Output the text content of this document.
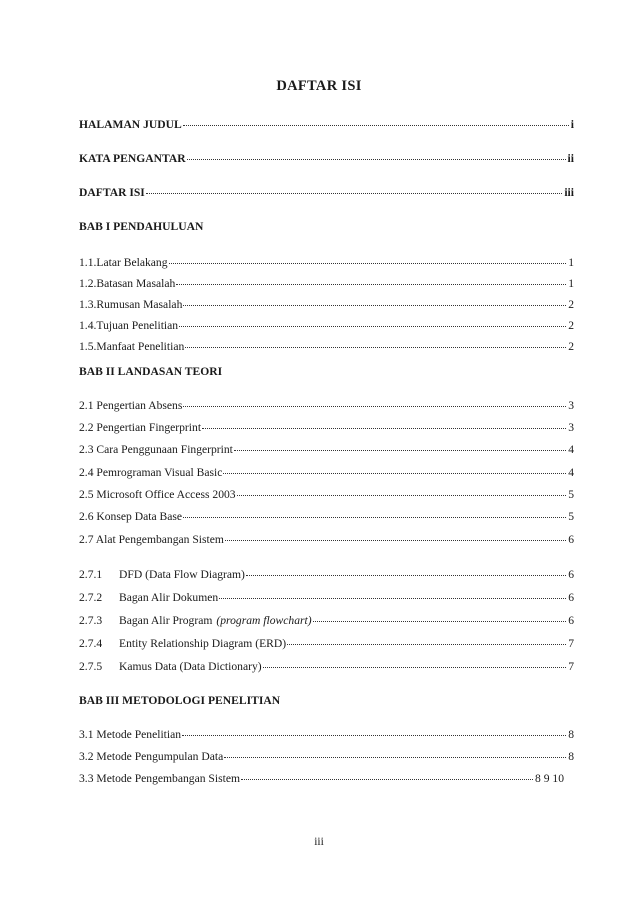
DAFTAR ISI
HALAMAN JUDUL	i
KATA PENGANTAR	ii
DAFTAR ISI	iii
BAB I PENDAHULUAN
1.1.Latar Belakang	1
1.2.Batasan Masalah	1
1.3.Rumusan Masalah	2
1.4.Tujuan Penelitian	2
1.5.Manfaat Penelitian	2
BAB II LANDASAN TEORI
2.1 Pengertian Absens	3
2.2 Pengertian Fingerprint	3
2.3 Cara Penggunaan Fingerprint	4
2.4 Pemrograman Visual Basic	4
2.5 Microsoft Office Access 2003	5
2.6 Konsep Data Base	5
2.7 Alat Pengembangan Sistem	6
2.7.1	DFD (Data Flow Diagram)	6
2.7.2	Bagan Alir Dokumen	6
2.7.3	Bagan Alir Program (program flowchart)	6
2.7.4	Entity Relationship Diagram (ERD)	7
2.7.5	Kamus Data (Data Dictionary)	7
BAB III METODOLOGI PENELITIAN
3.1 Metode Penelitian	8
3.2 Metode Pengumpulan Data	8
3.3 Metode Pengembangan Sistem	8 9 10
iii
